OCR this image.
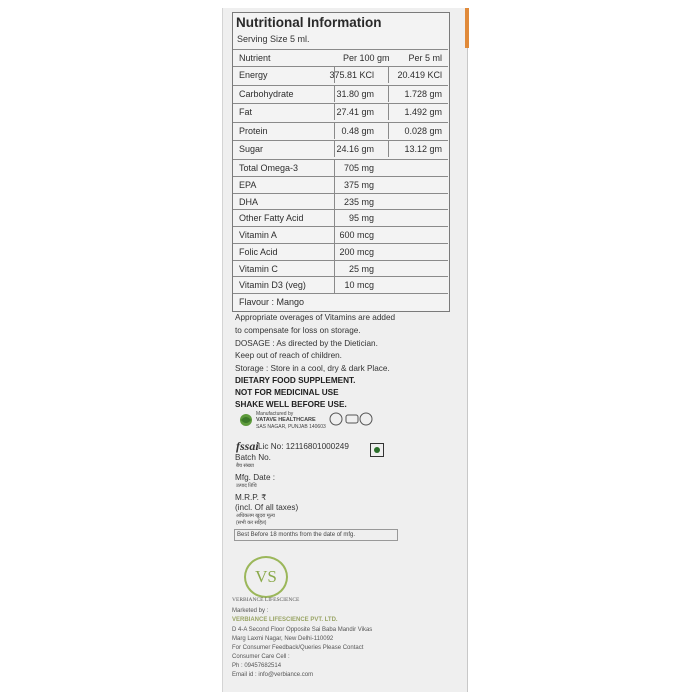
Nutritional Information
Serving Size 5 ml.
Nutrient	Per 100 gm Per 5 ml
Energy	375.81 KCl	20.419 KCl
Carbohydrate	31.80 gm	1.728 gm
Fat	27.41 gm	1.492 gm
Protein	0.48 gm	0.028 gm
Sugar	24.16 gm	13.12 gm
Total Omega-3	705 mg
EPA	375 mg
DHA	235 mg
Other Fatty Acid	95 mg
Vitamin A	600 mcg
Folic Acid	200 mcg
Vitamin C	25 mg
Vitamin D3 (veg)	10 mcg
Flavour : Mango
Appropriate overages of Vitamins are added
to compensate for loss on storage.
DOSAGE : As directed by the Dietician.
Keep out of reach of children.
Storage : Store in a cool, dry & dark Place.
DIETARY FOOD SUPPLEMENT.
NOT FOR MEDICINAL USE
SHAKE WELL BEFORE USE.
Manufactured by
VATAVE HEALTHCARE
SAS NAGAR, PUNJAB 140603
fssai Lic No: 12116801000249
Batch No.
बैच संख्या
Mfg. Date :
उत्पाद तिथि
M.R.P. ₹
(incl. Of all taxes)
अधिकतम खुदरा मूल्य
(सभी कर सहित)
Best Before 18 months from the date of mfg.
VS
VERBIANCE LIFESCIENCE
Marketed by :
VERBIANCE LIFESCIENCE PVT. LTD.
D 4-A Second Floor Opposite Sai Baba Mandir Vikas
Marg Laxmi Nagar, New Delhi-110092
For Consumer Feedback/Queries Please Contact
Consumer Care Cell :
Ph : 09457682514
Email id : info@verbiance.com
